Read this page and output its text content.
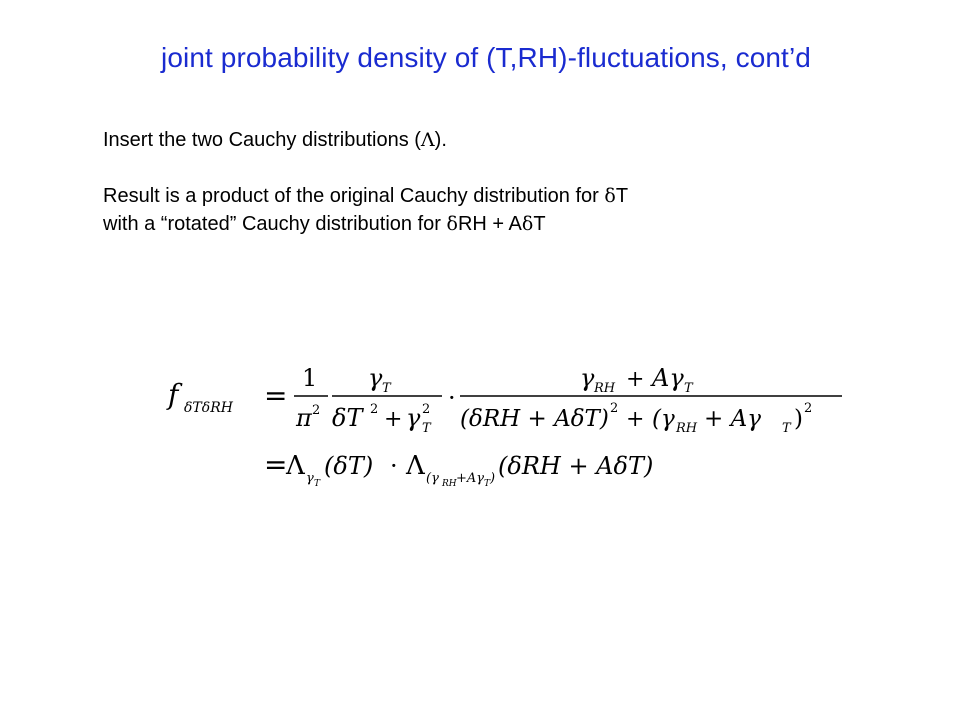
joint probability density of (T,RH)-fluctuations, cont’d

Insert the two Cauchy distributions (Λ).

Result is a product of the original Cauchy distribution for δT

with a “rotated” Cauchy distribution for δRH + AδT

f δTδRH =
1
π 2
γ T
δT 2 + γ 2
T
·
γ RH + Aγ T
(δRH + AδT) 2 + (γ RH + Aγ T ) 2
=
Λ γ T
(δT) · Λ (γ RH +Aγ T ) (δRH + AδT)
